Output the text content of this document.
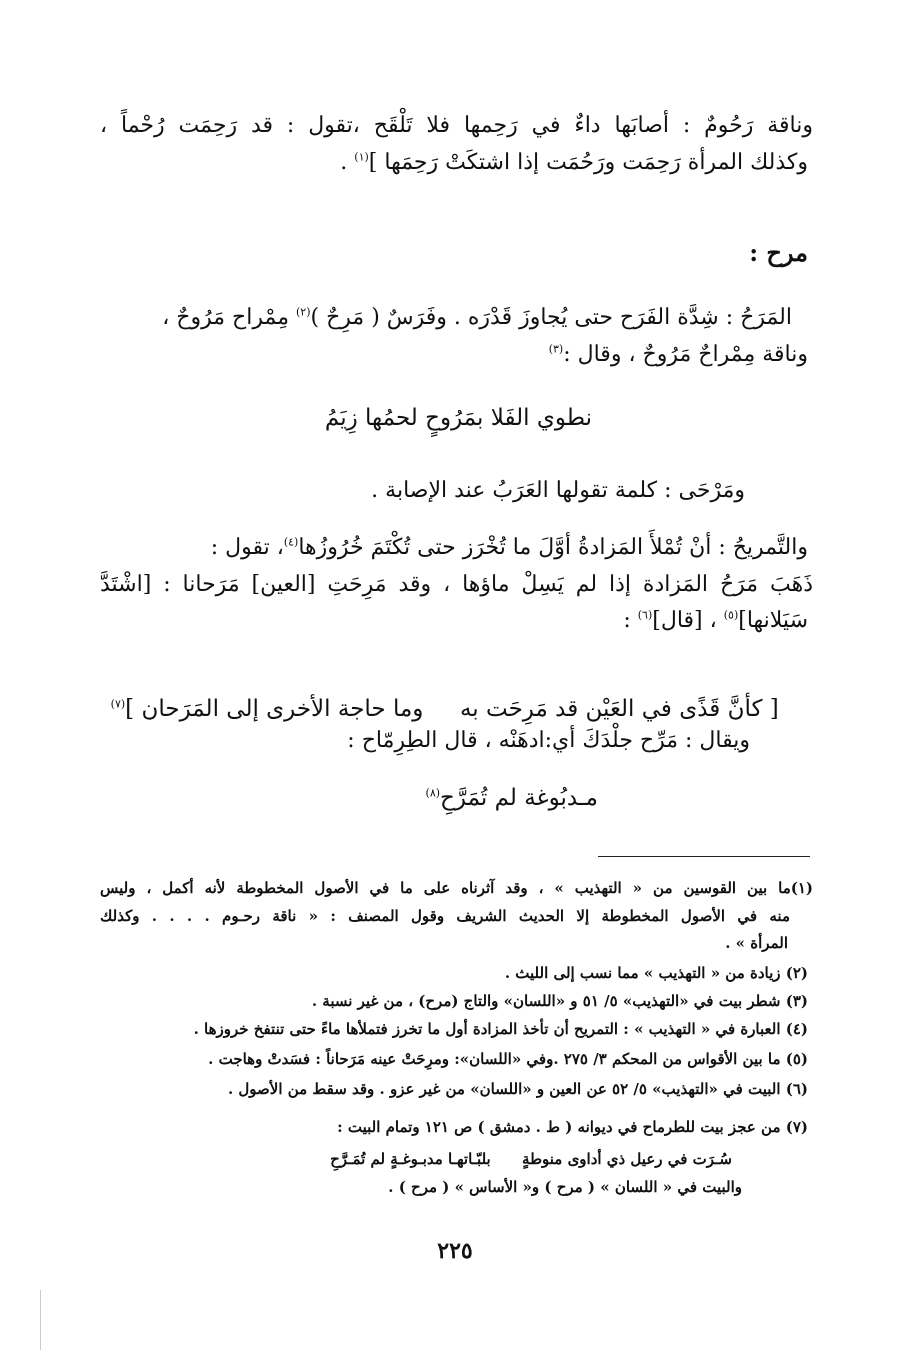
وناقة رَحُومٌ : أصابَها داءٌ في رَحِمها فلا تَلْقَح ،تقول : قد رَحِمَت رُحْماً ،
وكذلك المرأة رَحِمَت ورَحُمَت إذا اشتكَتْ رَحِمَها ]$^{(١)}$ .
مرح :
المَرَحُ : شِدَّة الفَرَح حتى يُجاوزَ قَدْرَه . وفَرَسٌ ( مَرِحٌ )$^{(٢)}$ مِمْراح مَرُوحٌ ،
وناقة مِمْراحٌ مَرُوحٌ ، وقال :$^{(٣)}$
نطوي الفَلا بمَرُوحٍ لحمُها زِيَمُ
ومَرْحَى : كلمة تقولها العَرَبُ عند الإصابة .
والتَّمريحُ : أنْ تُمْلأَ المَزادةُ أوَّلَ ما تُخْرَز حتى تُكْتَمَ خُرُوزُها$^{(٤)}$، تقول :
ذَهَبَ مَرَحُ المَزادة إذا لم يَسِلْ ماؤها ، وقد مَرِحَتِ [العين] مَرَحانا : [اشْتَدَّ
سَيَلانها]$^{(٥)}$ ، [قال]$^{(٦)}$ :

[ كأنَّ قَذًى في العَيْن قد مَرِحَت به     وما حاجة الأخرى إلى المَرَحان ]$^{(٧)}$

ويقال : مَرِّح جلْدَكَ أي:ادهَنْه ، قال الطِرِمّاح :
مـدبُوغة لم تُمَرَّحِ$^{(٨)}$
(١)ما بين القوسين من « التهذيب » ، وقد آثرناه على ما في الأصول المخطوطة لأنه أكمل ، وليس
منه في الأصول المخطوطة إلا الحديث الشريف وقول المصنف : « ناقة رحـوم . . . . وكذلك
المرأة » .
(٢) زيادة من « التهذيب » مما نسب إلى الليث .
(٣) شطر بيت في «التهذيب» ٥/ ٥١ و «اللسان» والتاج (مرح) ، من غير نسبة .
(٤) العبارة في « التهذيب » : التمريح أن تأخذ المزادة أول ما تخرز فتملأها ماءً حتى تنتفخ خروزها .
(٥) ما بين الأقواس من المحكم ٣/ ٢٧٥ .وفي «اللسان»: ومرِحَتْ عينه مَرَحاناً : فسَدتْ وهاجت .
(٦) البيت في «التهذيب» ٥/ ٥٢ عن العين و «اللسان» من غير عزو . وقد سقط من الأصول .
(٧) من عجز بيت للطرماح في ديوانه ( ط . دمشق ) ص ١٢١ وتمام البيت :
سُـرَت في رعيل ذي أداوى منوطةٍ      بلبّـاتهـا مدبـوغـةٍ لم تُمَـرَّحِ
والبيت في « اللسان » ( مرح ) و« الأساس » ( مرح ) .
٢٢٥
